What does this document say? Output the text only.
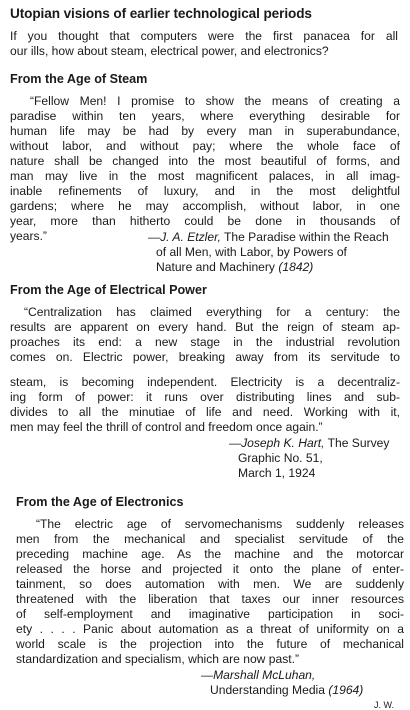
Utopian visions of earlier technological periods
If you thought that computers were the first panacea for all
our ills, how about steam, electrical power, and electronics?
From the Age of Steam
“Fellow Men! I promise to show the means of creating a
paradise within ten years, where everything desirable for
human life may be had by every man in superabundance,
without labor, and without pay; where the whole face of
nature shall be changed into the most beautiful of forms, and
man may live in the most magnificent palaces, in all imag-
inable refinements of luxury, and in the most delightful
gardens; where he may accomplish, without labor, in one
year, more than hitherto could be done in thousands of
years.”	—J. A. Etzler, The Paradise within the Reach
of all Men, with Labor, by Powers of
Nature and Machinery (1842)
From the Age of Electrical Power
“Centralization has claimed everything for a century: the
results are apparent on every hand. But the reign of steam ap-
proaches its end: a new stage in the industrial revolution
comes on. Electric power, breaking away from its servitude to
steam, is becoming independent. Electricity is a decentraliz-
ing form of power: it runs over distributing lines and sub-
divides to all the minutiae of life and need. Working with it,
men may feel the thrill of control and freedom once again.”
—Joseph K. Hart, The Survey
Graphic No. 51,
March 1, 1924
From the Age of Electronics
“The electric age of servomechanisms suddenly releases
men from the mechanical and specialist servitude of the
preceding machine age. As the machine and the motorcar
released the horse and projected it onto the plane of enter-
tainment, so does automation with men. We are suddenly
threatened with the liberation that taxes our inner resources
of self-employment and imaginative participation in soci-
ety . . . . Panic about automation as a threat of uniformity on a
world scale is the projection into the future of mechanical
standardization and specialism, which are now past.”
—Marshall McLuhan,
Understanding Media (1964)
J. W.
